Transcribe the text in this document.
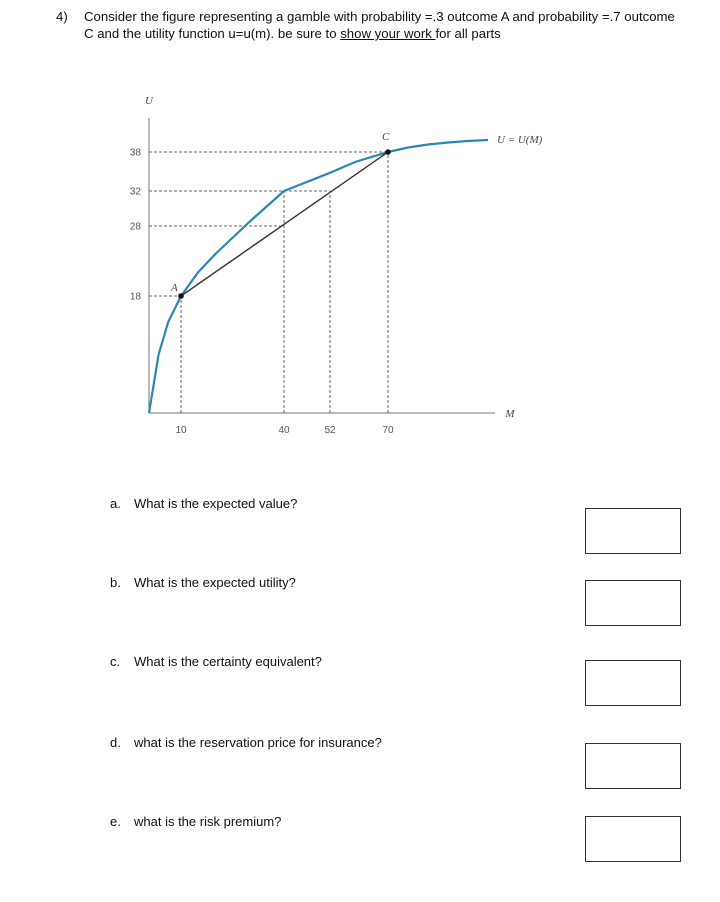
4) Consider the figure representing a gamble with probability =.3 outcome A and probability =.7 outcome C and the utility function u=u(m). be sure to show your work for all parts
U
M
38
32
28
18
10	40	52	70
U = U(M)
A
C
a. What is the expected value?
b. What is the expected utility?
c. What is the certainty equivalent?
d. what is the reservation price for insurance?
e. what is the risk premium?
